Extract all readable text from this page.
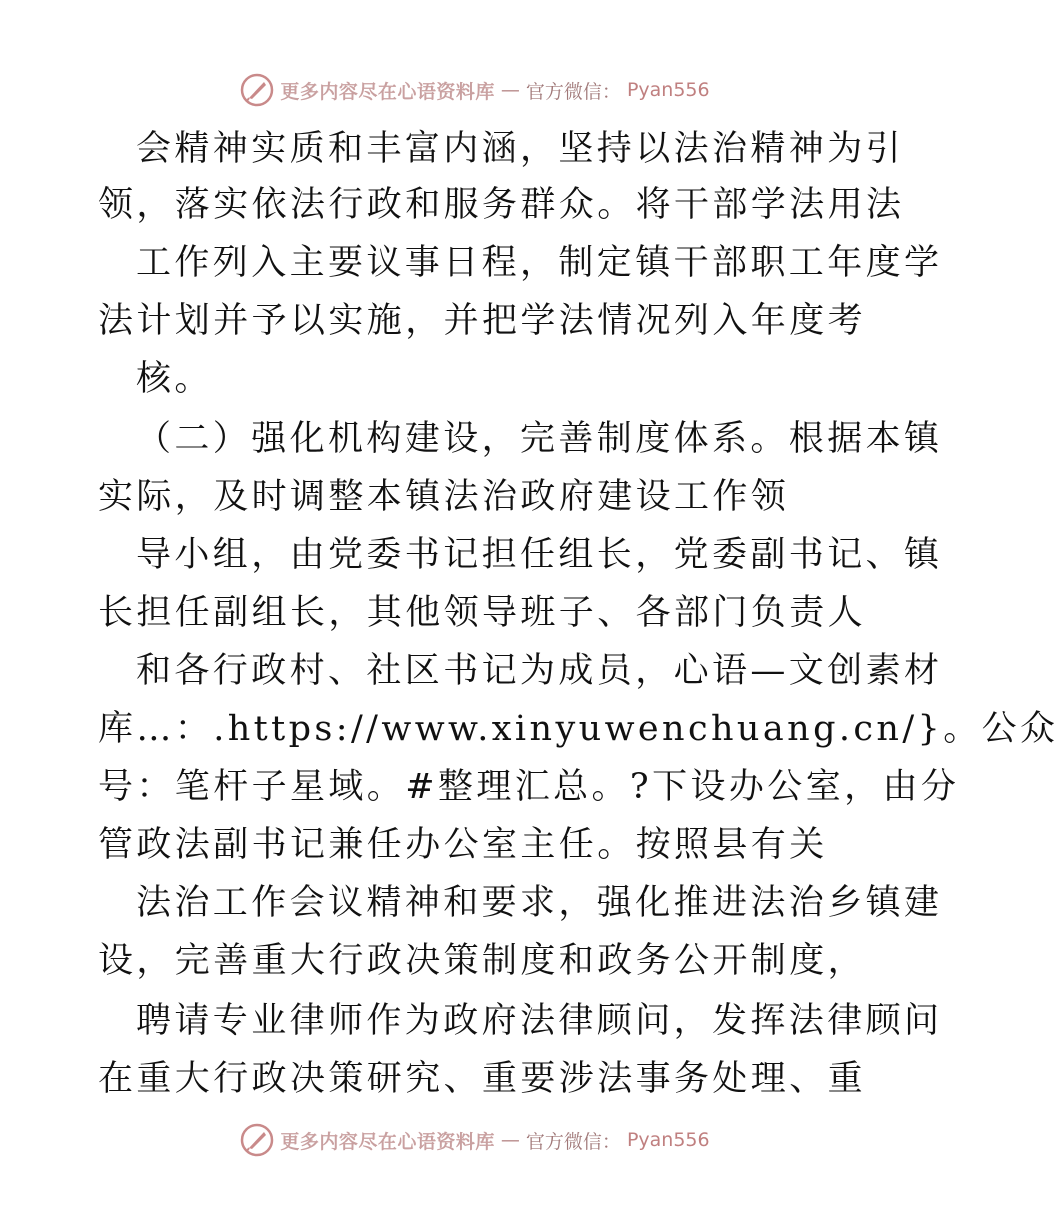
更多内容尽在心语资料库 — 官方微信： Pyan556
会精神实质和丰富内涵，坚持以法治精神为引
领，落实依法行政和服务群众。将干部学法用法
工作列入主要议事日程，制定镇干部职工年度学
法计划并予以实施，并把学法情况列入年度考
核。
（二）强化机构建设，完善制度体系。根据本镇
实际，及时调整本镇法治政府建设工作领
导小组，由党委书记担任组长，党委副书记、镇
长担任副组长，其他领导班子、各部门负责人
和各行政村、社区书记为成员，心语—文创素材
库…：.https://www.xinyuwenchuang.cn/}。公众
号：笔杆子星域。#整理汇总。?下设办公室，由分
管政法副书记兼任办公室主任。按照县有关
法治工作会议精神和要求，强化推进法治乡镇建
设，完善重大行政决策制度和政务公开制度，
聘请专业律师作为政府法律顾问，发挥法律顾问
在重大行政决策研究、重要涉法事务处理、重
更多内容尽在心语资料库 — 官方微信： Pyan556
